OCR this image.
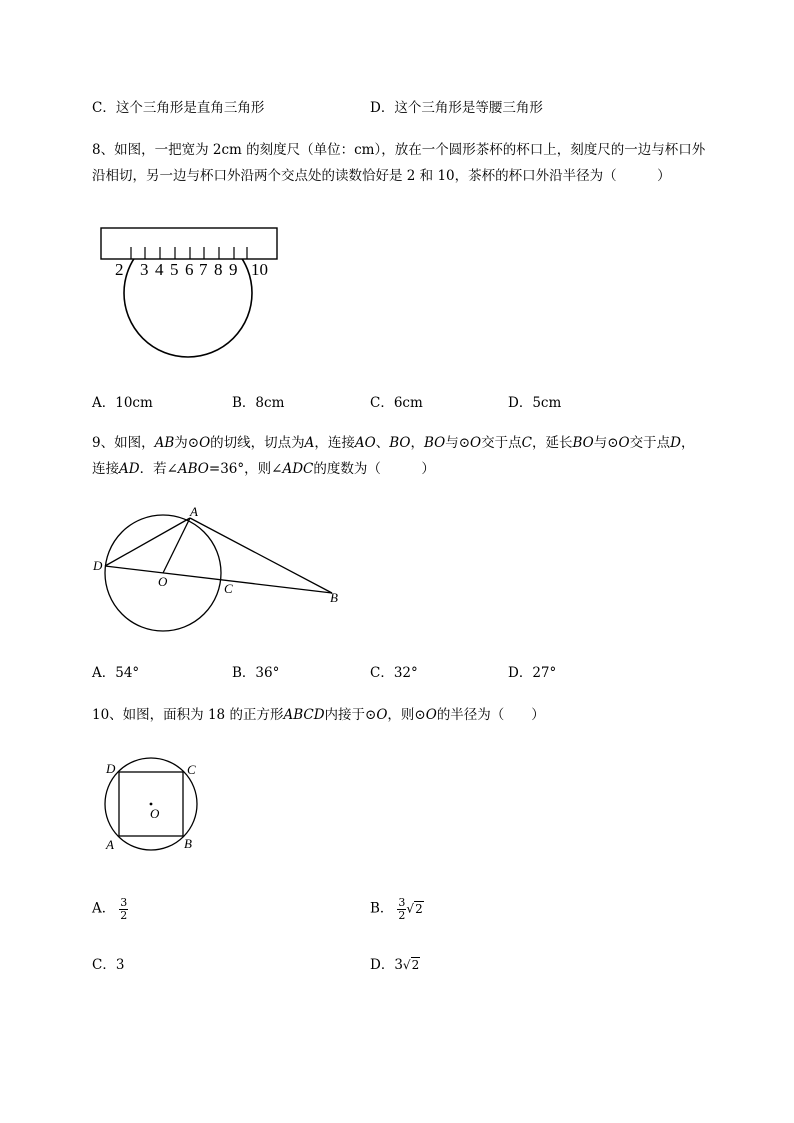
C．这个三角形是直角三角形	D．这个三角形是等腰三角形
8、如图，一把宽为 2cm 的刻度尺（单位：cm），放在一个圆形茶杯的杯口上，刻度尺的一边与杯口外
沿相切，另一边与杯口外沿两个交点处的读数恰好是 2 和 10，茶杯的杯口外沿半径为（　　　）
2 3 4 5 6 7 8 9 10
A．10cm	B．8cm	C．6cm	D．5cm
9、如图，AB为⊙O的切线，切点为A，连接AO、BO，BO与⊙O交于点C，延长BO与⊙O交于点D，
连接AD．若∠ABO=36°，则∠ADC的度数为（　　　）
A
D
O	C
B
A．54°	B．36°	C．32°	D．27°
10、如图，面积为 18 的正方形ABCD内接于⊙O，则⊙O的半径为（　　）
D	C
O
A	B
A． $\frac{3}{2}$	B． $\frac{3}{2} √2$
C．3	D．3√2
